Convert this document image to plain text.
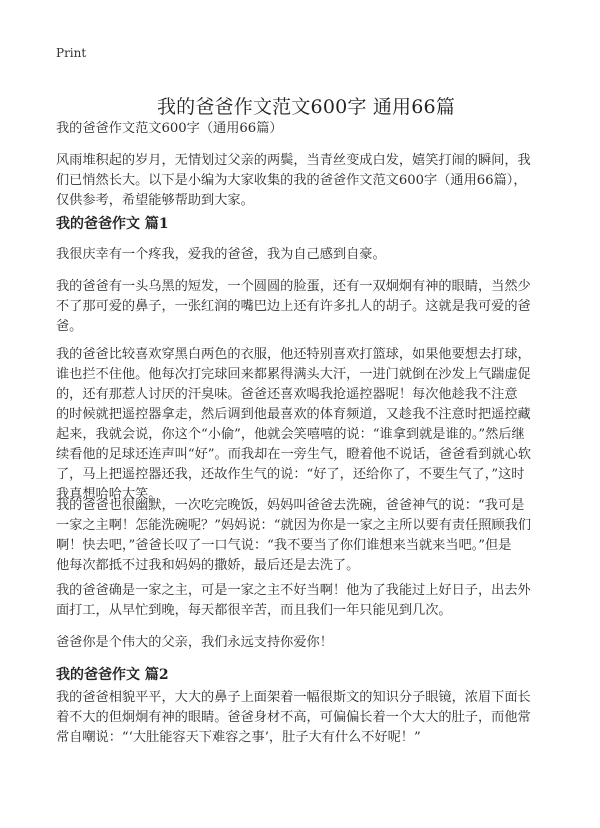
Print
我的爸爸作文范文600字 通用66篇

我的爸爸作文范文600字（通用66篇）

风雨堆积起的岁月，无情划过父亲的两鬓，当青丝变成白发，嬉笑打闹的瞬间，我
们已悄然长大。以下是小编为大家收集的我的爸爸作文范文600字（通用66篇），
仅供参考，希望能够帮助到大家。

我的爸爸作文 篇1

我很庆幸有一个疼我，爱我的爸爸，我为自己感到自豪。

我的爸爸有一头乌黑的短发，一个圆圆的脸蛋，还有一双炯炯有神的眼睛，当然少
不了那可爱的鼻子，一张红润的嘴巴边上还有许多扎人的胡子。这就是我可爱的爸
爸。

我的爸爸比较喜欢穿黑白两色的衣服，他还特别喜欢打篮球，如果他要想去打球，
谁也拦不住他。他每次打完球回来都累得满头大汗，一进门就倒在沙发上气踹虚促
的，还有那惹人讨厌的汗臭味。爸爸还喜欢喝我抢遥控器呢！每次他趁我不注意
的时候就把遥控器拿走，然后调到他最喜欢的体育频道，又趁我不注意时把遥控藏
起来，我就会说，你这个“小偷”，他就会笑嘻嘻的说：“谁拿到就是谁的。”然后继
续看他的足球还连声叫“好”。而我却在一旁生气，瞪着他不说话，爸爸看到就心软
了，马上把遥控器还我，还故作生气的说：“好了，还给你了，不要生气了，”这时
我真想哈哈大笑。

我的爸爸也很幽默，一次吃完晚饭，妈妈叫爸爸去洗碗，爸爸神气的说：“我可是
一家之主啊！怎能洗碗呢？”妈妈说：“就因为你是一家之主所以要有责任照顾我们
啊！快去吧，”爸爸长叹了一口气说：“我不要当了你们谁想来当就来当吧。”但是
他每次都抵不过我和妈妈的撒娇，最后还是去洗了。

我的爸爸确是一家之主，可是一家之主不好当啊！他为了我能过上好日子，出去外
面打工，从早忙到晚，每天都很辛苦，而且我们一年只能见到几次。

爸爸你是个伟大的父亲，我们永远支持你爱你！

我的爸爸作文 篇2

我的爸爸相貌平平，大大的鼻子上面架着一幅很斯文的知识分子眼镜，浓眉下面长
着不大的但炯炯有神的眼睛。爸爸身材不高，可偏偏长着一个大大的肚子，而他常
常自嘲说：“‘大肚能容天下难容之事’，肚子大有什么不好呢！”
